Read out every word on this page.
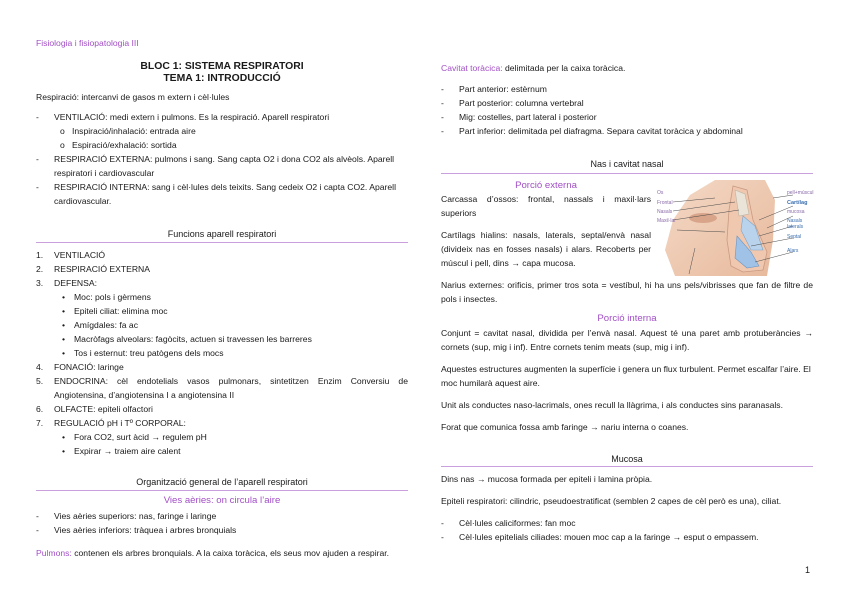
Fisiologia i fisiopatologia III
1
BLOC 1: SISTEMA RESPIRATORI
TEMA 1: INTRODUCCIÓ
Respiració: intercanvi de gasos m extern i cèl·lules
- VENTILACIÓ: medi extern i pulmons. Es la respiració. Aparell respiratori
o Inspiració/inhalació: entrada aire
o Espiració/exhalació: sortida
- RESPIRACIÓ EXTERNA: pulmons i sang. Sang capta O2 i dona CO2 als alvèols. Aparell respiratori i cardiovascular
- RESPIRACIÓ INTERNA: sang i cèl·lules dels teixits. Sang cedeix O2 i capta CO2. Aparell cardiovascular.
Funcions aparell respiratori
1. VENTILACIÓ
2. RESPIRACIÓ EXTERNA
3. DEFENSA:
• Moc: pols i gèrmens
• Epiteli ciliat: elimina moc
• Amígdales: fa ac
• Macròfags alveolars: fagòcits, actuen si travessen les barreres
• Tos i esternut: treu patògens dels mocs
4. FONACIÓ: laringe
5. ENDOCRINA: cèl endotelials vasos pulmonars, sintetitzen Enzim Conversiu de Angiotensina, d’angiotensina I a angiotensina II
6. OLFACTE: epiteli olfactori
7. REGULACIÓ pH i Tº CORPORAL:
• Fora CO2, surt àcid → regulem pH
• Expirar → traiem aire calent
Organització general de l’aparell respiratori
Vies aèries: on circula l’aire
- Vies aèries superiors: nas, faringe i laringe
- Vies aèries inferiors: tràquea i arbres bronquials
Pulmons: contenen els arbres bronquials. A la caixa toràcica, els seus mov ajuden a respirar.
Cavitat toràcica: delimitada per la caixa toràcica.
- Part anterior: estèrnum
- Part posterior: columna vertebral
- Mig: costelles, part lateral i posterior
- Part inferior: delimitada pel diafragma. Separa cavitat toràcica y abdominal
Nas i cavitat nasal
Porció externa
Carcassa d’ossos: frontal, nassals i maxil·lars superiors
Cartílags hialins: nasals, laterals, septal/envà nasal (divideix nas en fosses nasals) i alars. Recoberts per múscul i pell, dins → capa mucosa.
Narius externes: orificis, primer tros sota = vestíbul, hi ha uns pels/vibrisses que fan de filtre de pols i insectes.
Os
Frontal
Nasals
Maxil·lar
pell+múscul
Cartílag
mucosa
Nasals laterals
Septal
Alars
Porció interna
Conjunt = cavitat nasal, dividida per l’envà nasal. Aquest té una paret amb protuberàncies → cornets (sup, mig i inf). Entre cornets tenim meats (sup, mig i inf).
Aquestes estructures augmenten la superfície i genera un flux turbulent. Permet escalfar l’aire. El moc humilarà aquest aire.
Unit als conductes naso-lacrimals, ones recull la llàgrima, i als conductes sins paranasals.
Forat que comunica fossa amb faringe → nariu interna o coanes.
Mucosa
Dins nas → mucosa formada per epiteli i lamina pròpia.
Epiteli respiratori: cilindric, pseudoestratificat (semblen 2 capes de cèl però es una), ciliat.
- Cèl·lules caliciformes: fan moc
- Cèl·lules epitelials ciliades: mouen moc cap a la faringe → esput o empassem.
